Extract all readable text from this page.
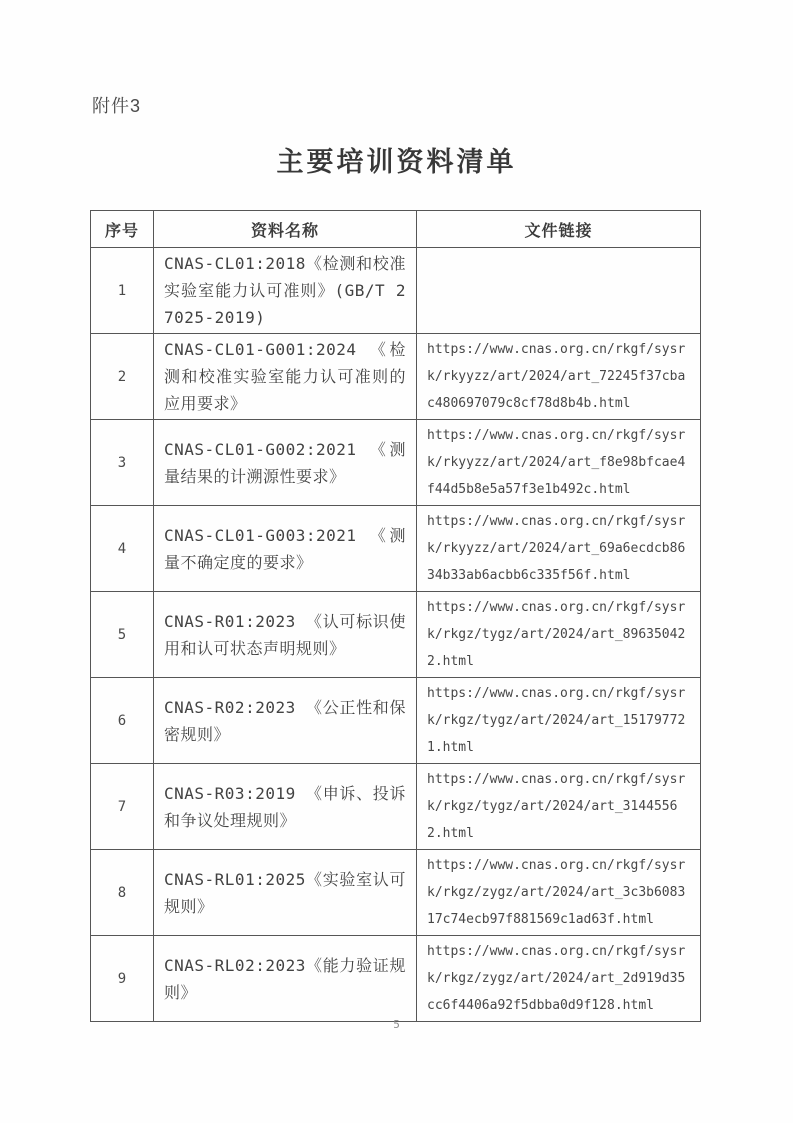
附件3
主要培训资料清单
序号	资料名称	文件链接
1	CNAS-CL01:2018《检测和校准实验室能力认可准则》(GB/T 27025-2019)	
2	CNAS-CL01-G001:2024 《检测和校准实验室能力认可准则的应用要求》	https://www.cnas.org.cn/rkgf/sysrk/rkyyzz/art/2024/art_72245f37cbac480697079c8cf78d8b4b.html
3	CNAS-CL01-G002:2021 《测量结果的计溯源性要求》	https://www.cnas.org.cn/rkgf/sysrk/rkyyzz/art/2024/art_f8e98bfcae4f44d5b8e5a57f3e1b492c.html
4	CNAS-CL01-G003:2021 《测量不确定度的要求》	https://www.cnas.org.cn/rkgf/sysrk/rkyyzz/art/2024/art_69a6ecdcb8634b33ab6acbb6c335f56f.html
5	CNAS-R01:2023 《认可标识使用和认可状态声明规则》	https://www.cnas.org.cn/rkgf/sysrk/rkgz/tygz/art/2024/art_896350422.html
6	CNAS-R02:2023 《公正性和保密规则》	https://www.cnas.org.cn/rkgf/sysrk/rkgz/tygz/art/2024/art_151797721.html
7	CNAS-R03:2019 《申诉、投诉和争议处理规则》	https://www.cnas.org.cn/rkgf/sysrk/rkgz/tygz/art/2024/art_31445562.html
8	CNAS-RL01:2025《实验室认可规则》	https://www.cnas.org.cn/rkgf/sysrk/rkgz/zygz/art/2024/art_3c3b608317c74ecb97f881569c1ad63f.html
9	CNAS-RL02:2023《能力验证规则》	https://www.cnas.org.cn/rkgf/sysrk/rkgz/zygz/art/2024/art_2d919d35cc6f4406a92f5dbba0d9f128.html
5
